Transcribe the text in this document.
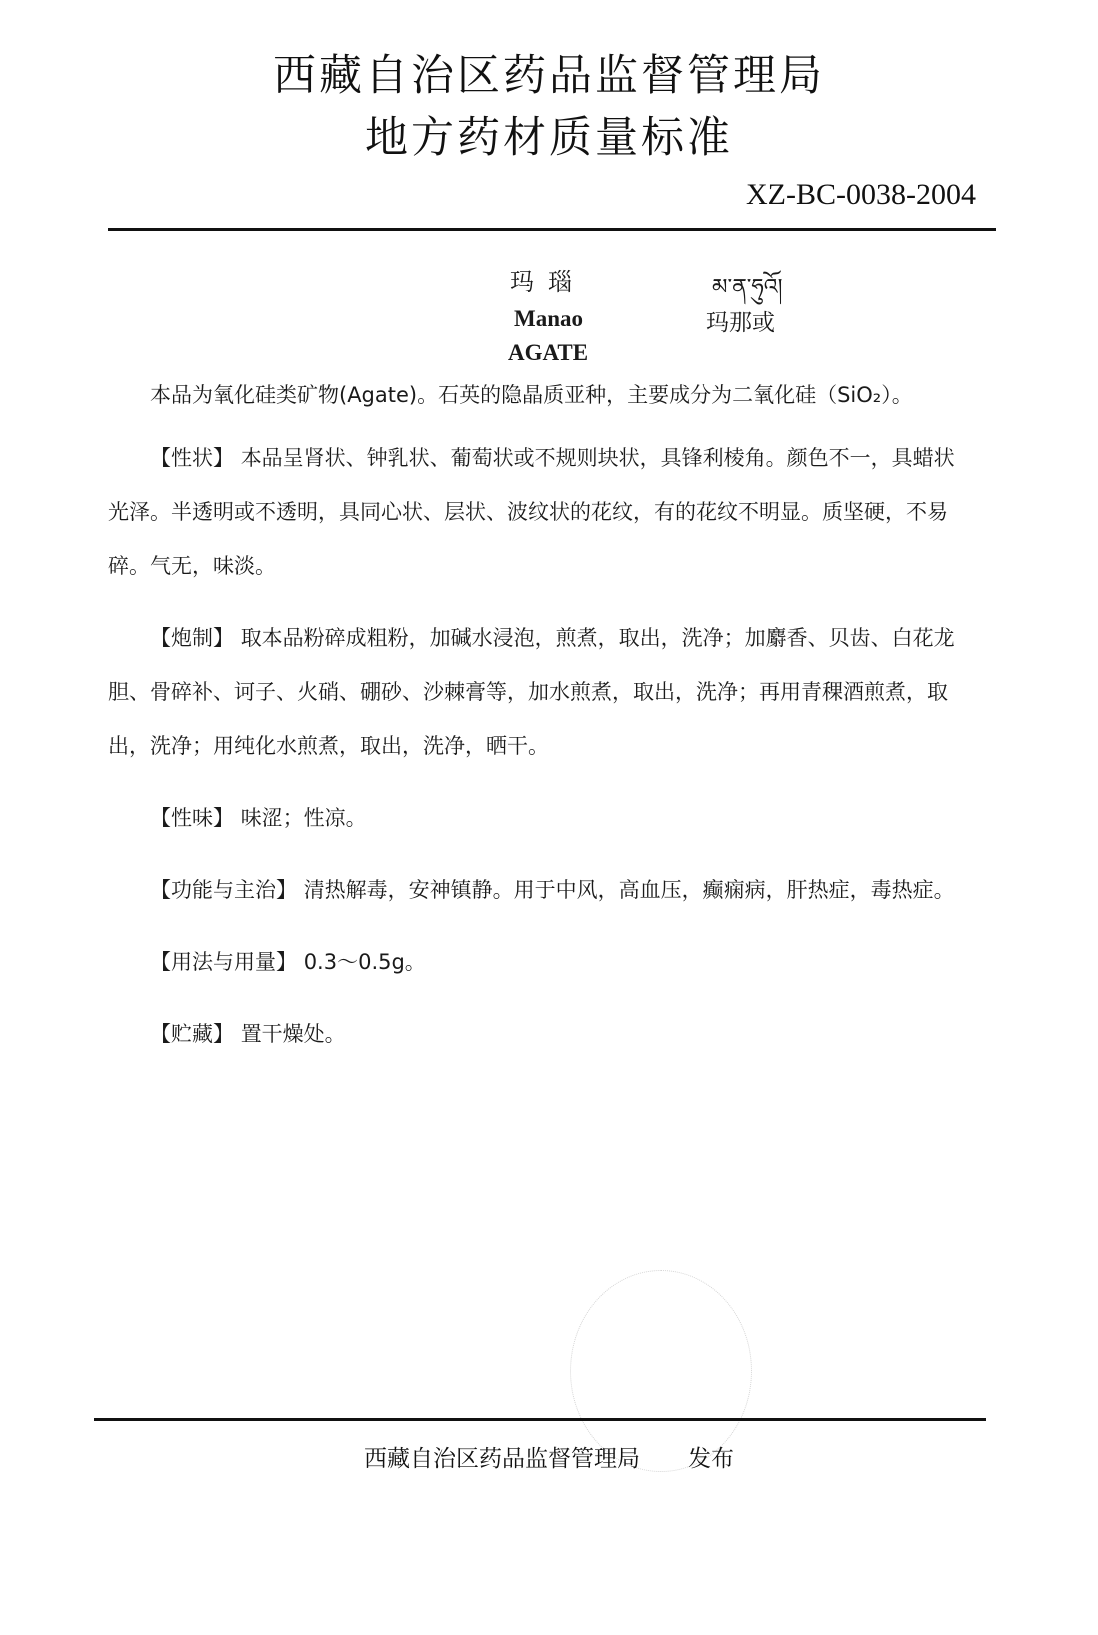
西藏自治区药品监督管理局
地方药材质量标准
XZ-BC-0038-2004
玛瑙	མ་ན་ཧུའོ།
Manao	玛那或
AGATE

本品为氧化硅类矿物(Agate)。石英的隐晶质亚种，主要成分为二氧化硅（SiO₂）。

【性状】 本品呈肾状、钟乳状、葡萄状或不规则块状，具锋利棱角。颜色不一，具蜡状光泽。半透明或不透明，具同心状、层状、波纹状的花纹，有的花纹不明显。质坚硬，不易碎。气无，味淡。

【炮制】 取本品粉碎成粗粉，加碱水浸泡，煎煮，取出，洗净；加麝香、贝齿、白花龙胆、骨碎补、诃子、火硝、硼砂、沙棘膏等，加水煎煮，取出，洗净；再用青稞酒煎煮，取出，洗净；用纯化水煎煮，取出，洗净，晒干。

【性味】 味涩；性凉。

【功能与主治】 清热解毒，安神镇静。用于中风，高血压，癫痫病，肝热症，毒热症。

【用法与用量】 0.3～0.5g。

【贮藏】 置干燥处。

西藏自治区药品监督管理局 发布
